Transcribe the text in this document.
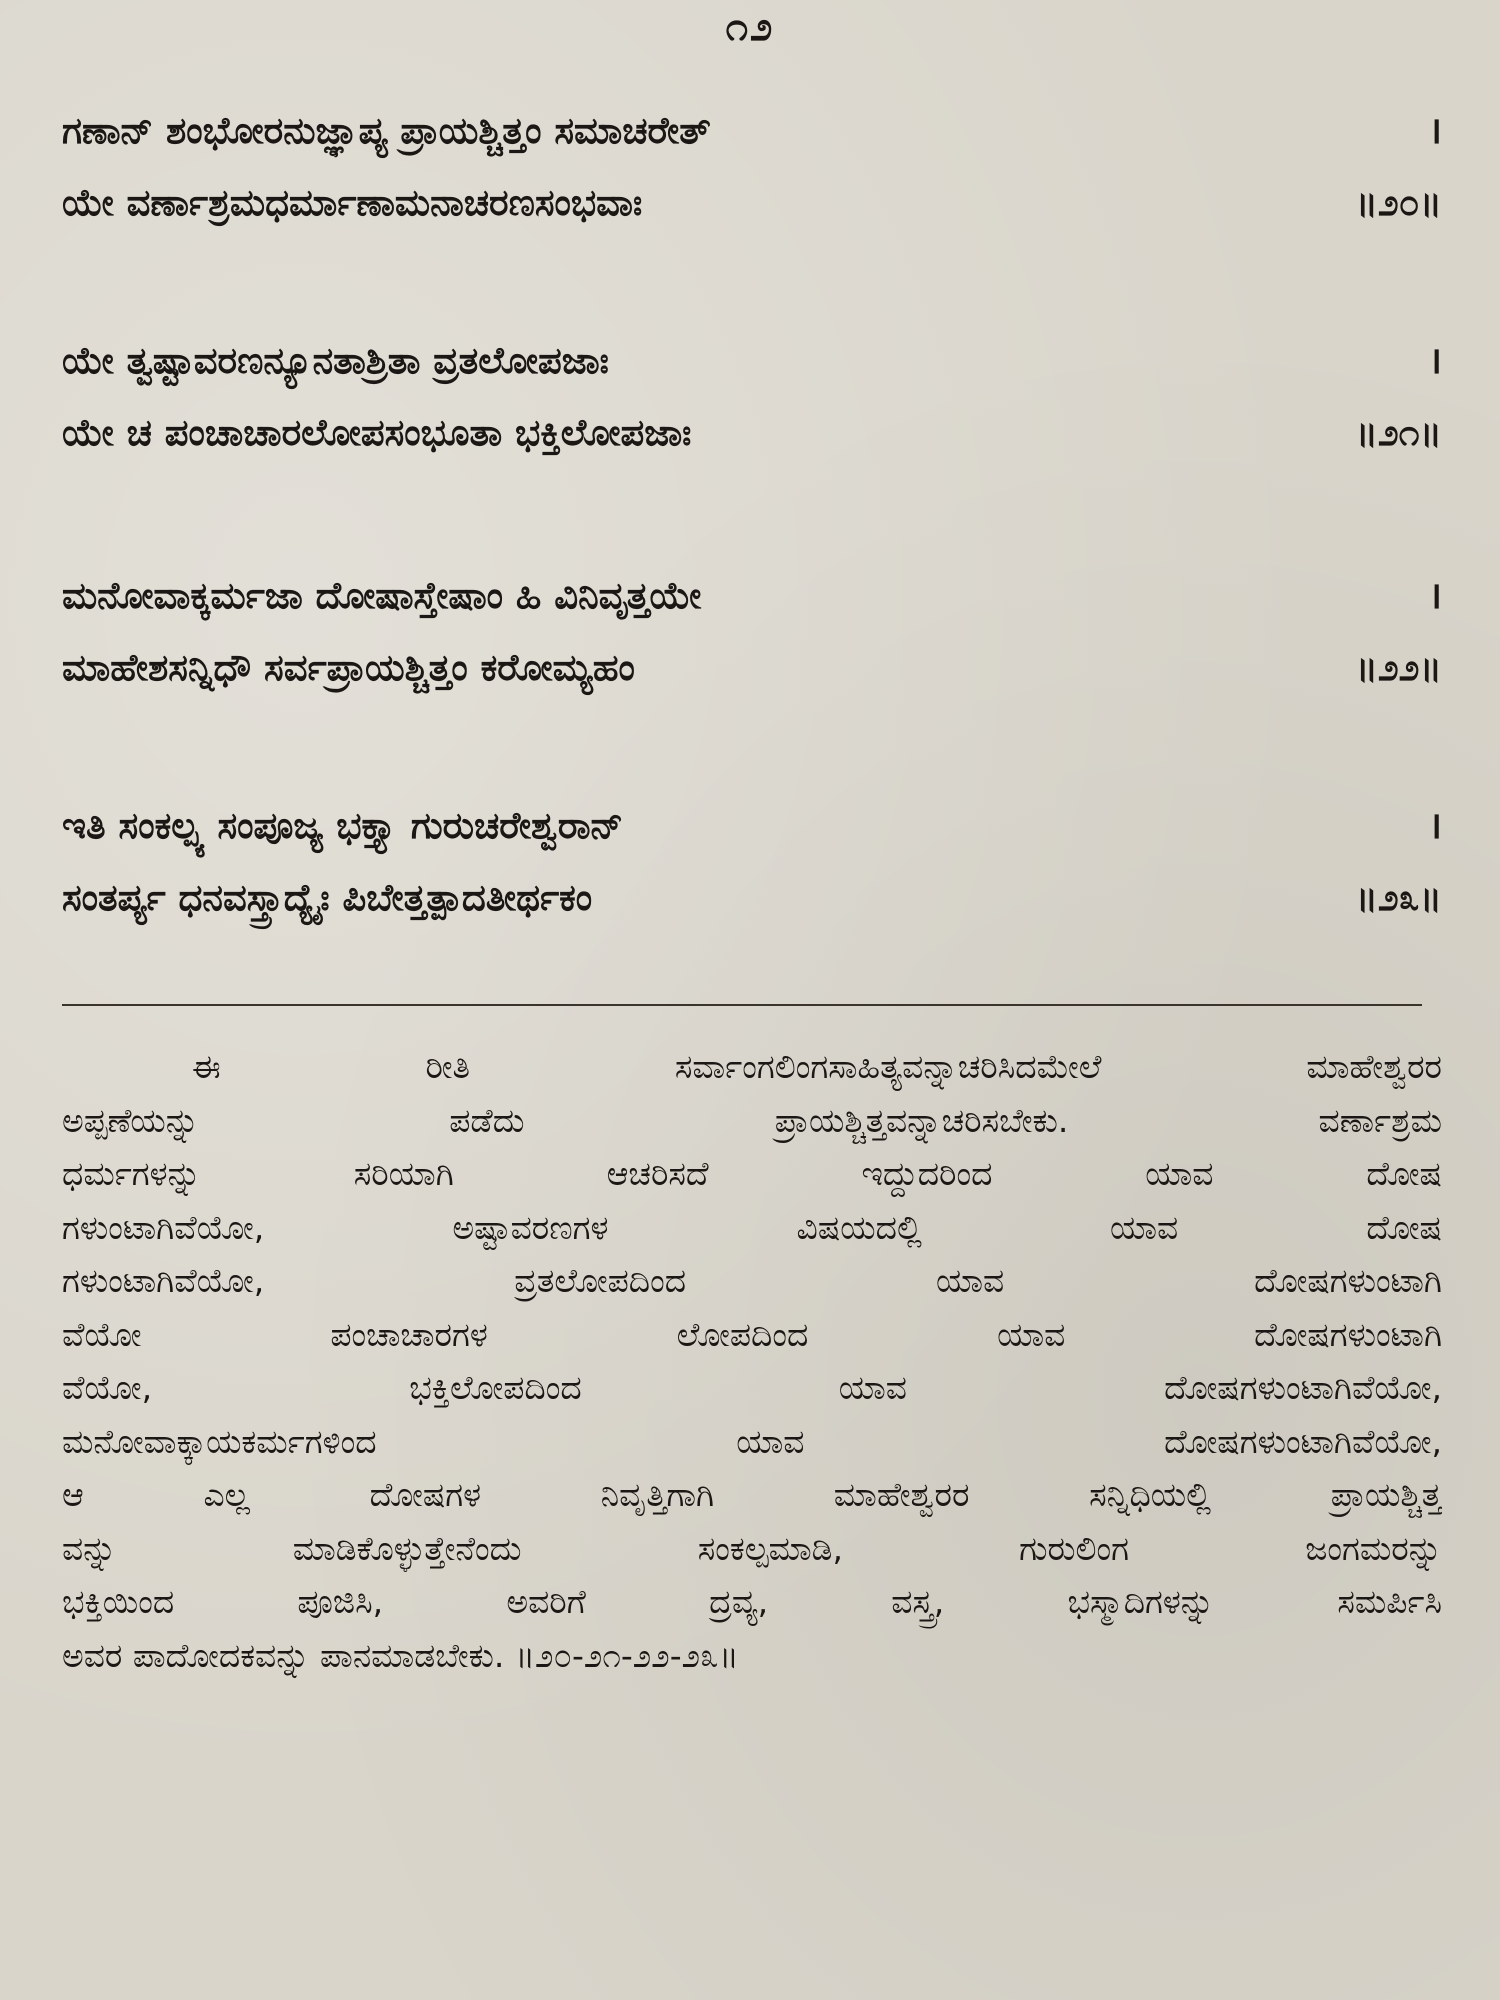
೧೨
ಗಣಾನ್ ಶಂಭೋರನುಜ್ಞಾಪ್ಯ ಪ್ರಾಯಶ್ಚಿತ್ತಂ ಸಮಾಚರೇತ್	।
ಯೇ ವರ್ಣಾಶ್ರಮಧರ್ಮಾಣಾಮನಾಚರಣಸಂಭವಾಃ	॥೨೦॥
ಯೇ ತ್ವಷ್ಟಾವರಣನ್ಯೂನತಾಶ್ರಿತಾ ವ್ರತಲೋಪಜಾಃ	।
ಯೇ ಚ ಪಂಚಾಚಾರಲೋಪಸಂಭೂತಾ ಭಕ್ತಿಲೋಪಜಾಃ	॥೨೧॥
ಮನೋವಾಕ್ಕರ್ಮಜಾ ದೋಷಾಸ್ತೇಷಾಂ ಹಿ ವಿನಿವೃತ್ತಯೇ	।
ಮಾಹೇಶಸನ್ನಿಧೌ ಸರ್ವಪ್ರಾಯಶ್ಚಿತ್ತಂ ಕರೋಮ್ಯಹಂ	॥೨೨॥
ಇತಿ ಸಂಕಲ್ಪ್ಯ ಸಂಪೂಜ್ಯ ಭಕ್ತ್ಯಾ ಗುರುಚರೇಶ್ವರಾನ್	।
ಸಂತರ್ಪ್ಯ ಧನವಸ್ತ್ರಾದ್ಯೈಃ ಪಿಬೇತ್ತತ್ಪಾದತೀರ್ಥಕಂ	॥೨೩॥
ಈ ರೀತಿ ಸರ್ವಾಂಗಲಿಂಗಸಾಹಿತ್ಯವನ್ನಾಚರಿಸಿದಮೇಲೆ ಮಾಹೇಶ್ವರರ
ಅಪ್ಪಣೆಯನ್ನು ಪಡೆದು ಪ್ರಾಯಶ್ಚಿತ್ತವನ್ನಾಚರಿಸಬೇಕು. ವರ್ಣಾಶ್ರಮ
ಧರ್ಮಗಳನ್ನು ಸರಿಯಾಗಿ ಆಚರಿಸದೆ ಇದ್ದುದರಿಂದ ಯಾವ ದೋಷ
ಗಳುಂಟಾಗಿವೆಯೋ, ಅಷ್ಟಾವರಣಗಳ ವಿಷಯದಲ್ಲಿ ಯಾವ ದೋಷ
ಗಳುಂಟಾಗಿವೆಯೋ, ವ್ರತಲೋಪದಿಂದ ಯಾವ ದೋಷಗಳುಂಟಾಗಿ
ವೆಯೋ ಪಂಚಾಚಾರಗಳ ಲೋಪದಿಂದ ಯಾವ ದೋಷಗಳುಂಟಾಗಿ
ವೆಯೋ, ಭಕ್ತಿಲೋಪದಿಂದ ಯಾವ ದೋಷಗಳುಂಟಾಗಿವೆಯೋ,
ಮನೋವಾಕ್ಕಾಯಕರ್ಮಗಳಿಂದ ಯಾವ ದೋಷಗಳುಂಟಾಗಿವೆಯೋ,
ಆ ಎಲ್ಲ ದೋಷಗಳ ನಿವೃತ್ತಿಗಾಗಿ ಮಾಹೇಶ್ವರರ ಸನ್ನಿಧಿಯಲ್ಲಿ ಪ್ರಾಯಶ್ಚಿತ್ತ
ವನ್ನು ಮಾಡಿಕೊಳ್ಳುತ್ತೇನೆಂದು ಸಂಕಲ್ಪಮಾಡಿ, ಗುರುಲಿಂಗ ಜಂಗಮರನ್ನು
ಭಕ್ತಿಯಿಂದ ಪೂಜಿಸಿ, ಅವರಿಗೆ ದ್ರವ್ಯ, ವಸ್ತ್ರ, ಭಸ್ಮಾದಿಗಳನ್ನು ಸಮರ್ಪಿಸಿ
ಅವರ ಪಾದೋದಕವನ್ನು ಪಾನಮಾಡಬೇಕು. ॥೨೦-೨೧-೨೨-೨೩॥
